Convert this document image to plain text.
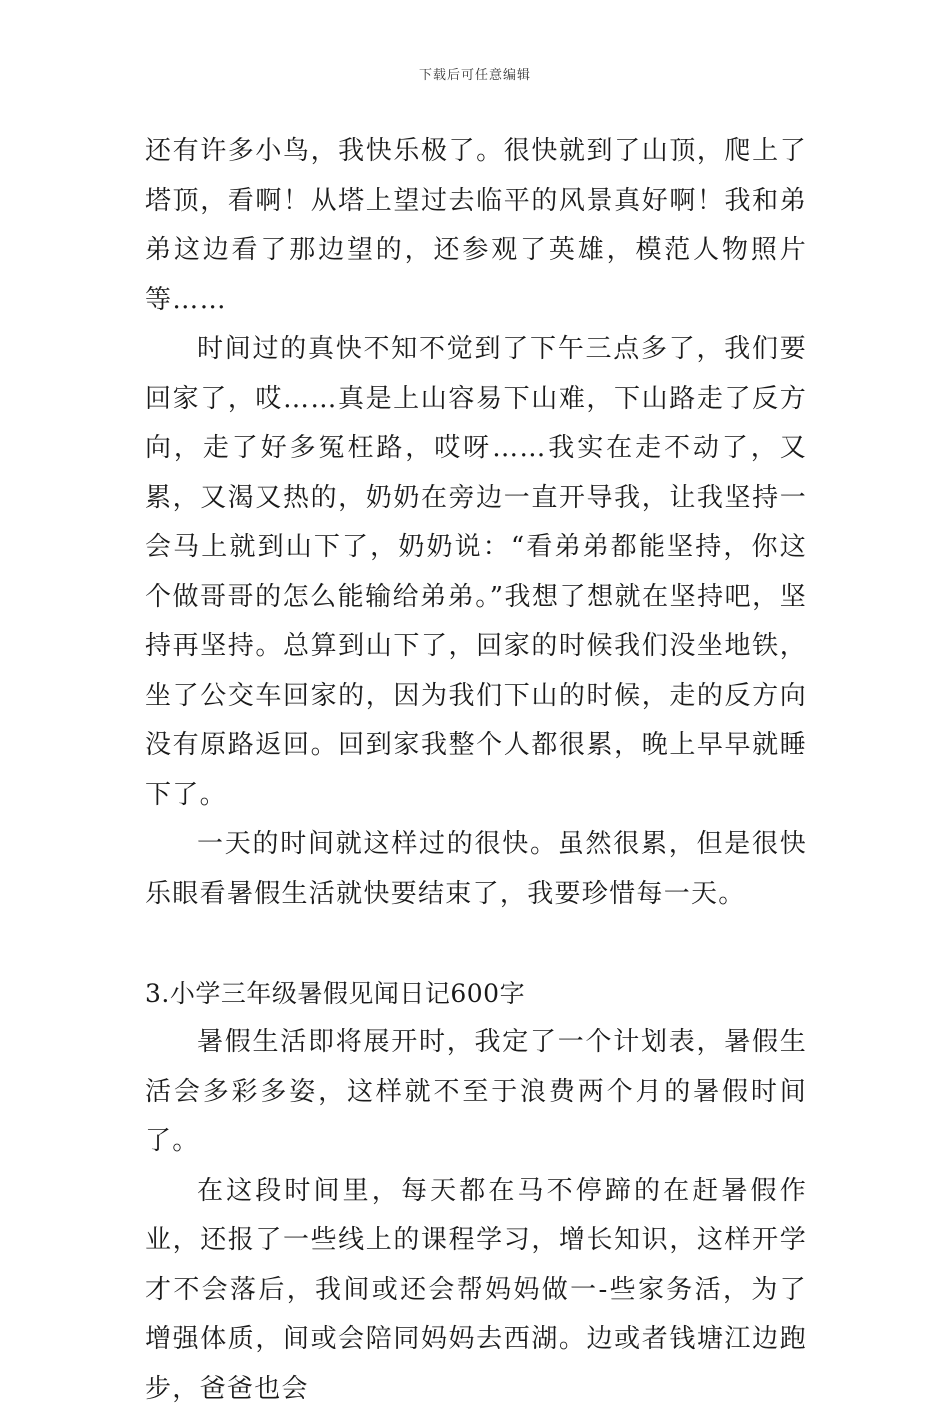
下载后可任意编辑

还有许多小鸟，我快乐极了。很快就到了山顶，爬上了塔顶，看啊！从塔上望过去临平的风景真好啊！我和弟弟这边看了那边望的，还参观了英雄，模范人物照片等……

时间过的真快不知不觉到了下午三点多了，我们要回家了，哎……真是上山容易下山难，下山路走了反方向，走了好多冤枉路，哎呀……我实在走不动了，又累，又渴又热的，奶奶在旁边一直开导我，让我坚持一会马上就到山下了，奶奶说：“看弟弟都能坚持，你这个做哥哥的怎么能输给弟弟。”我想了想就在坚持吧，坚持再坚持。总算到山下了，回家的时候我们没坐地铁，坐了公交车回家的，因为我们下山的时候，走的反方向没有原路返回。回到家我整个人都很累，晚上早早就睡下了。

一天的时间就这样过的很快。虽然很累，但是很快乐眼看暑假生活就快要结束了，我要珍惜每一天。

3.小学三年级暑假见闻日记600字

暑假生活即将展开时，我定了一个计划表，暑假生活会多彩多姿，这样就不至于浪费两个月的暑假时间了。

在这段时间里，每天都在马不停蹄的在赶暑假作业，还报了一些线上的课程学习，增长知识，这样开学才不会落后，我间或还会帮妈妈做一-些家务活，为了增强体质，间或会陪同妈妈去西湖。边或者钱塘江边跑步，爸爸也会
